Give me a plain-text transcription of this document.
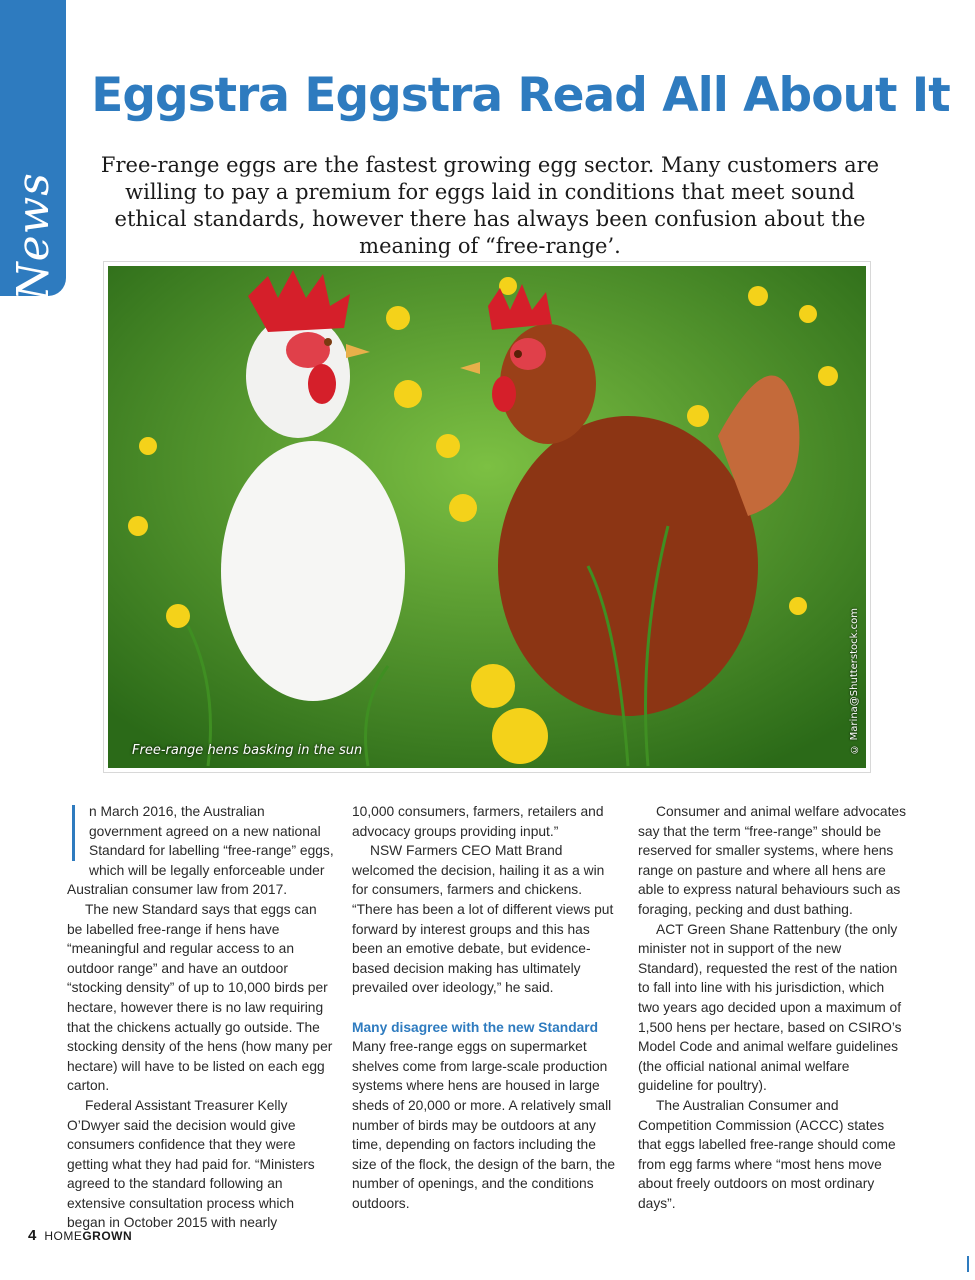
News
Eggstra Eggstra Read All About It

Free-range eggs are the fastest growing egg sector. Many customers are willing to pay a premium for eggs laid in conditions that meet sound ethical standards, however there has always been confusion about the meaning of “free-range’.

Free-range hens basking in the sun	© Marina@Shutterstock.com

n March 2016, the Australian government agreed on a new national Standard for labelling “free-range” eggs, which will be legally enforceable under Australian consumer law from 2017.

The new Standard says that eggs can be labelled free-range if hens have “meaningful and regular access to an outdoor range” and have an outdoor “stocking density” of up to 10,000 birds per hectare, however there is no law requiring that the chickens actually go outside. The stocking density of the hens (how many per hectare) will have to be listed on each egg carton.

Federal Assistant Treasurer Kelly O’Dwyer said the decision would give consumers confidence that they were getting what they had paid for. “Ministers agreed to the standard following an extensive consultation process which began in October 2015 with nearly

10,000 consumers, farmers, retailers and advocacy groups providing input.”

NSW Farmers CEO Matt Brand welcomed the decision, hailing it as a win for consumers, farmers and chickens. “There has been a lot of different views put forward by interest groups and this has been an emotive debate, but evidence-based decision making has ultimately prevailed over ideology,” he said.

Many disagree with the new Standard

Many free-range eggs on supermarket shelves come from large-scale production systems where hens are housed in large sheds of 20,000 or more. A relatively small number of birds may be outdoors at any time, depending on factors including the size of the flock, the design of the barn, the number of openings, and the conditions outdoors.

Consumer and animal welfare advocates say that the term “free-range” should be reserved for smaller systems, where hens range on pasture and where all hens are able to express natural behaviours such as foraging, pecking and dust bathing.

ACT Green Shane Rattenbury (the only minister not in support of the new Standard), requested the rest of the nation to fall into line with his jurisdiction, which two years ago decided upon a maximum of 1,500 hens per hectare, based on CSIRO’s Model Code and animal welfare guidelines (the official national animal welfare guideline for poultry).

The Australian Consumer and Competition Commission (ACCC) states that eggs labelled free-range should come from egg farms where “most hens move about freely outdoors on most ordinary days”.

4 HOMEGROWN
